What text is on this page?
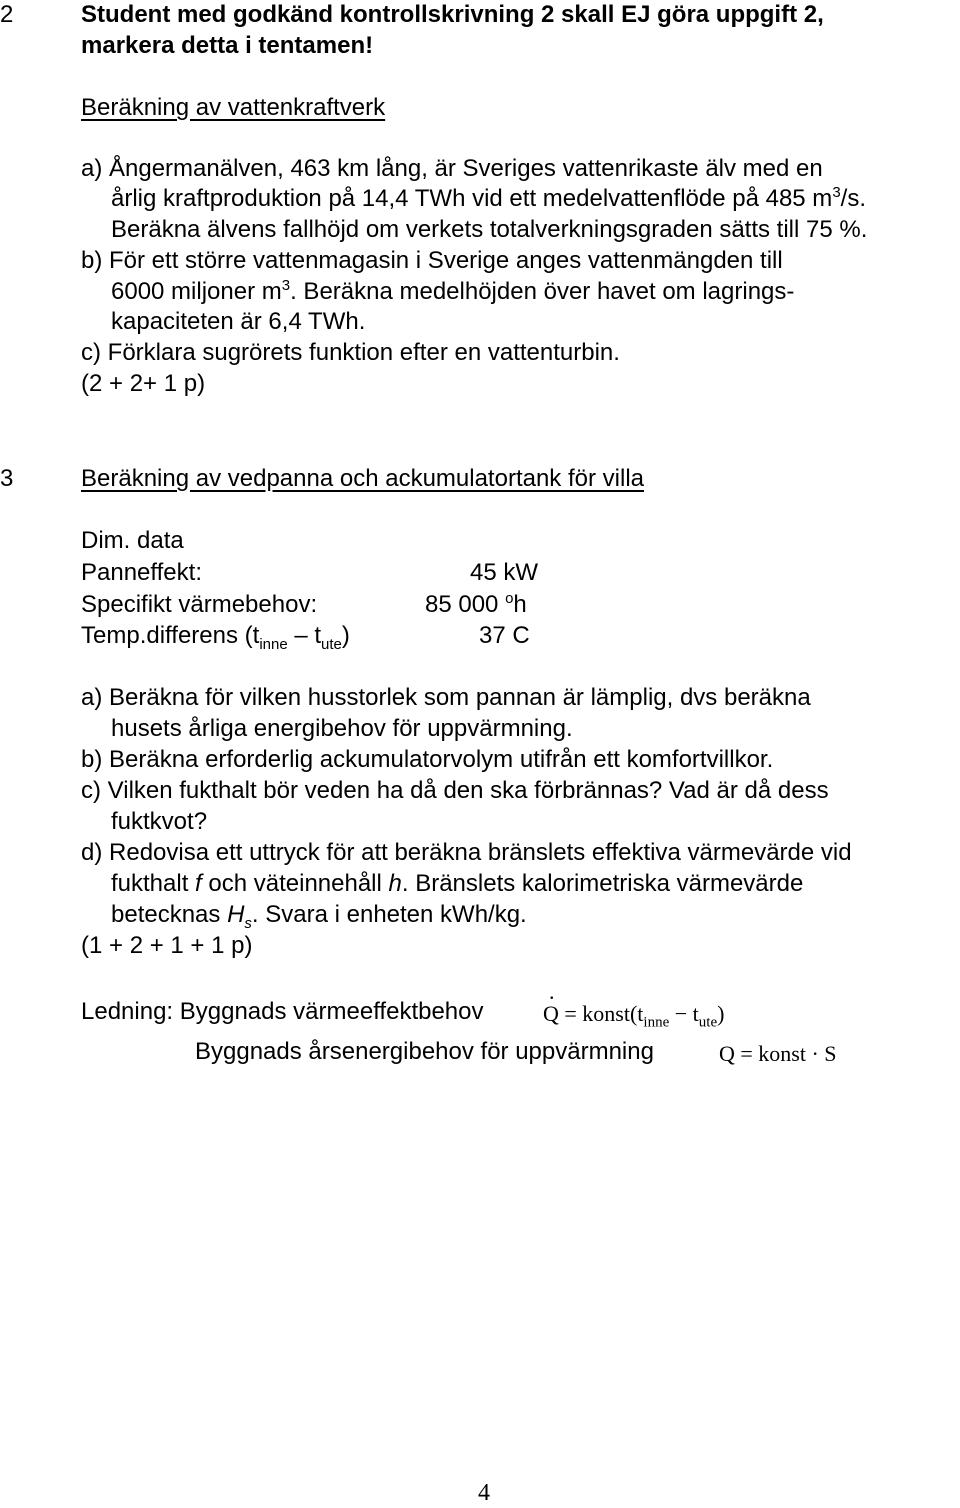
2	Student med godkänd kontrollskrivning 2 skall EJ göra uppgift 2,
markera detta i tentamen!
Beräkning av vattenkraftverk
a) Ångermanälven, 463 km lång, är Sveriges vattenrikaste älv med en
årlig kraftproduktion på 14,4 TWh vid ett medelvattenflöde på 485 $m^3/s$.
Beräkna älvens fallhöjd om verkets totalverkningsgraden sätts till 75 %.
b) För ett större vattenmagasin i Sverige anges vattenmängden till
6000 miljoner $m^3$. Beräkna medelhöjden över havet om lagrings-
kapaciteten är 6,4 TWh.
c) Förklara sugrörets funktion efter en vattenturbin.
(2 + 2+ 1 p)
3	Beräkning av vedpanna och ackumulatortank för villa
Dim. data
Panneffekt:	45 kW
Specifikt värmebehov:	85 000 $^o$h
Temp.differens $(t_{inne} - t_{ute})$	37 C
a) Beräkna för vilken husstorlek som pannan är lämplig, dvs beräkna
husets årliga energibehov för uppvärmning.
b) Beräkna erforderlig ackumulatorvolym utifrån ett komfortvillkor.
c) Vilken fukthalt bör veden ha då den ska förbrännas? Vad är då dess
fuktkvot?
d) Redovisa ett uttryck för att beräkna bränslets effektiva värmevärde vid
fukthalt f och väteinnehåll h. Bränslets kalorimetriska värmevärde
betecknas $H_s$. Svara i enheten kWh/kg.
(1 + 2 + 1 + 1 p)
Ledning: Byggnads värmeeffektbehov
.	$Q = konst(t_{inne} - t_{ute})$
Byggnads årsenergibehov för uppvärmning	Q = konst · S
4
